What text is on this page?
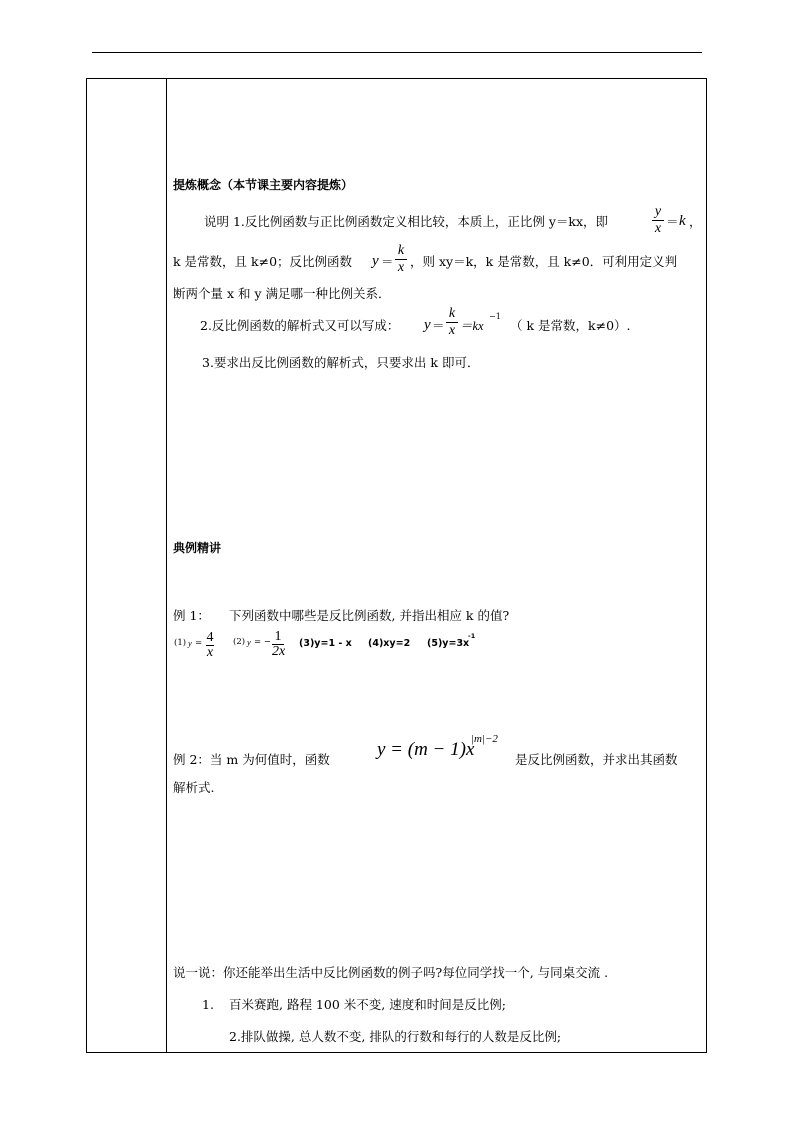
提炼概念（本节课主要内容提炼）
说明 1.反比例函数与正比例函数定义相比较，本质上，正比例 y＝kx，即
y
x ＝ k ，
k 是常数，且 k≠0；反比例函数 y ＝
k
x ，则 xy＝k，k 是常数，且 k≠0．可利用定义判
断两个量 x 和 y 满足哪一种比例关系．
2.反比例函数的解析式又可以写成： y ＝
k
x ＝kx
−1
（ k 是常数，k≠0）.
3.要求出反比例函数的解析式，只要求出 k 即可．
典例精讲
例 1： 下列函数中哪些是反比例函数, 并指出相应 k 的值?
(1) y = 4
x
(2) y = − 1
2x
(3)y=1 - x (4)xy=2 (5)y=3x
-1
例 2：当 m 为何值时，函数 y = (m − 1)x
|m|−2
是反比例函数，并求出其函数
解析式.
说一说：你还能举出生活中反比例函数的例子吗?每位同学找一个, 与同桌交流 .
1. 百米赛跑, 路程 100 米不变, 速度和时间是反比例;
2.排队做操, 总人数不变, 排队的行数和每行的人数是反比例;
